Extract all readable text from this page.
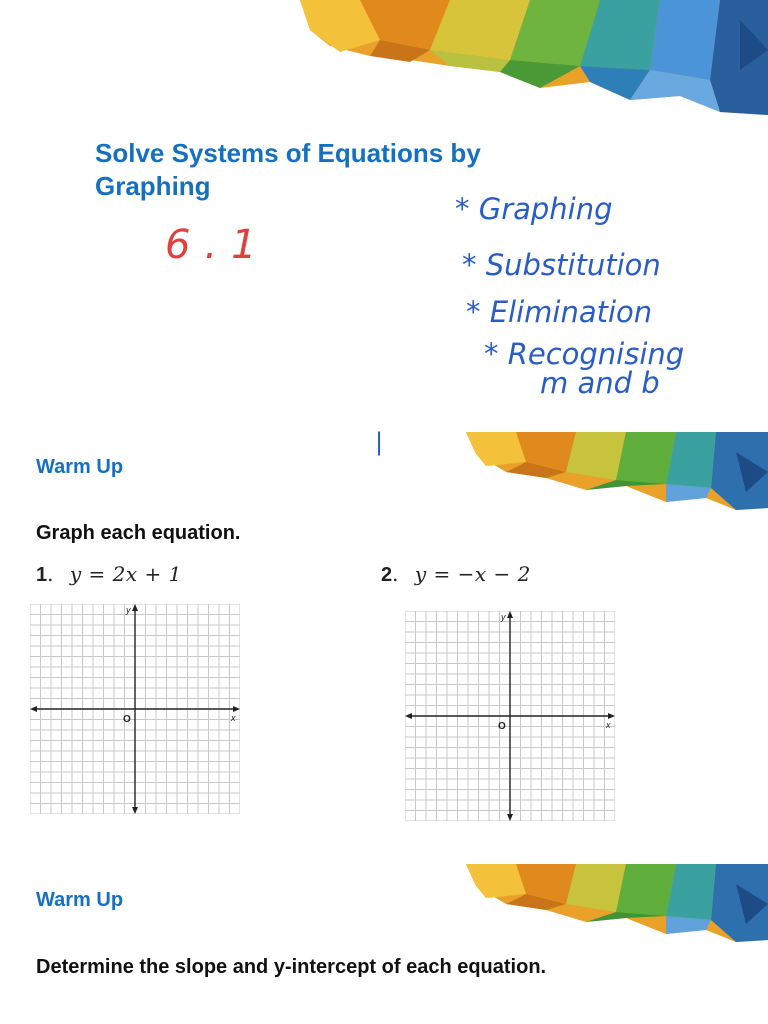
Solve Systems of Equations by Graphing
6.1
* Graphing
* Substitution
* Elimination
* Recognising
m and b
|
Warm Up

Graph each equation.

1. y = 2x + 1	2. y = −x − 2
x
y
O	x
y
O
Warm Up

Determine the slope and y-intercept of each equation.
